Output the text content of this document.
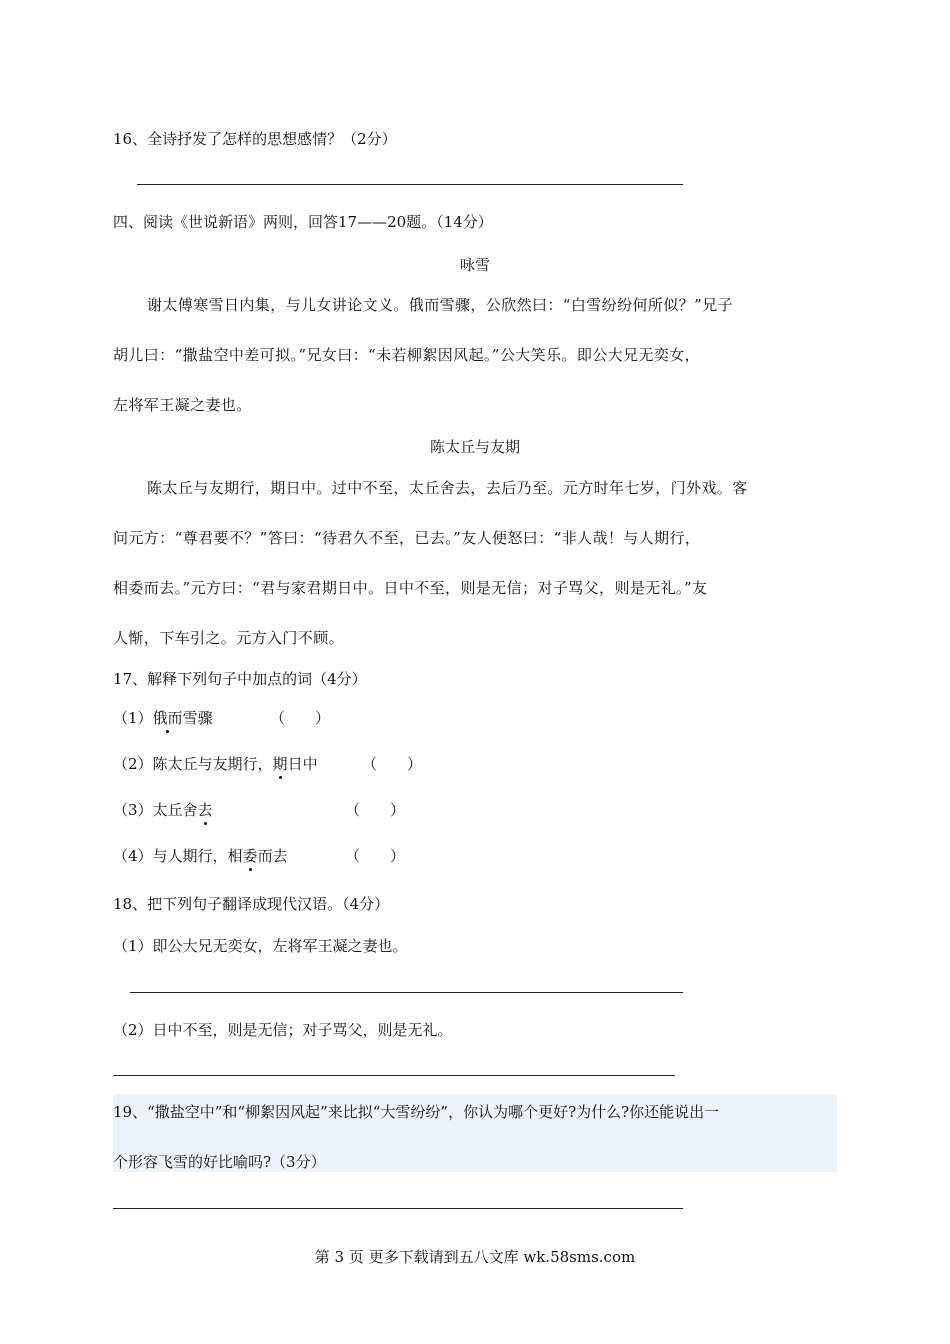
16、全诗抒发了怎样的思想感情？（2分）
四、阅读《世说新语》两则，回答17——20题。（14分）
咏雪
谢太傅寒雪日内集，与儿女讲论文义。俄而雪骤，公欣然曰：“白雪纷纷何所似？”兄子
胡儿曰：“撒盐空中差可拟。”兄女曰：“未若柳絮因风起。”公大笑乐。即公大兄无奕女，
左将军王凝之妻也。
陈太丘与友期
陈太丘与友期行，期日中。过中不至，太丘舍去，去后乃至。元方时年七岁，门外戏。客
问元方：“尊君要不？”答曰：“待君久不至，已去。”友人便怒曰：“非人哉！与人期行，
相委而去。”元方曰：“君与家君期日中。日中不至，则是无信；对子骂父，则是无礼。”友
人惭，下车引之。元方入门不顾。
17、解释下列句子中加点的词（4分）
（1）俄而雪骤	（　　）
（2）陈太丘与友期行，期日中	（　　）
（3）太丘舍去	（　　）
（4）与人期行，相委而去	（　　）
18、把下列句子翻译成现代汉语。（4分）
（1）即公大兄无奕女，左将军王凝之妻也。
（2）日中不至，则是无信；对子骂父，则是无礼。
19、“撒盐空中”和“柳絮因风起”来比拟“大雪纷纷”，你认为哪个更好?为什么?你还能说出一
个形容飞雪的好比喻吗?（3分）
第 3 页 更多下载请到五八文库 wk.58sms.com
